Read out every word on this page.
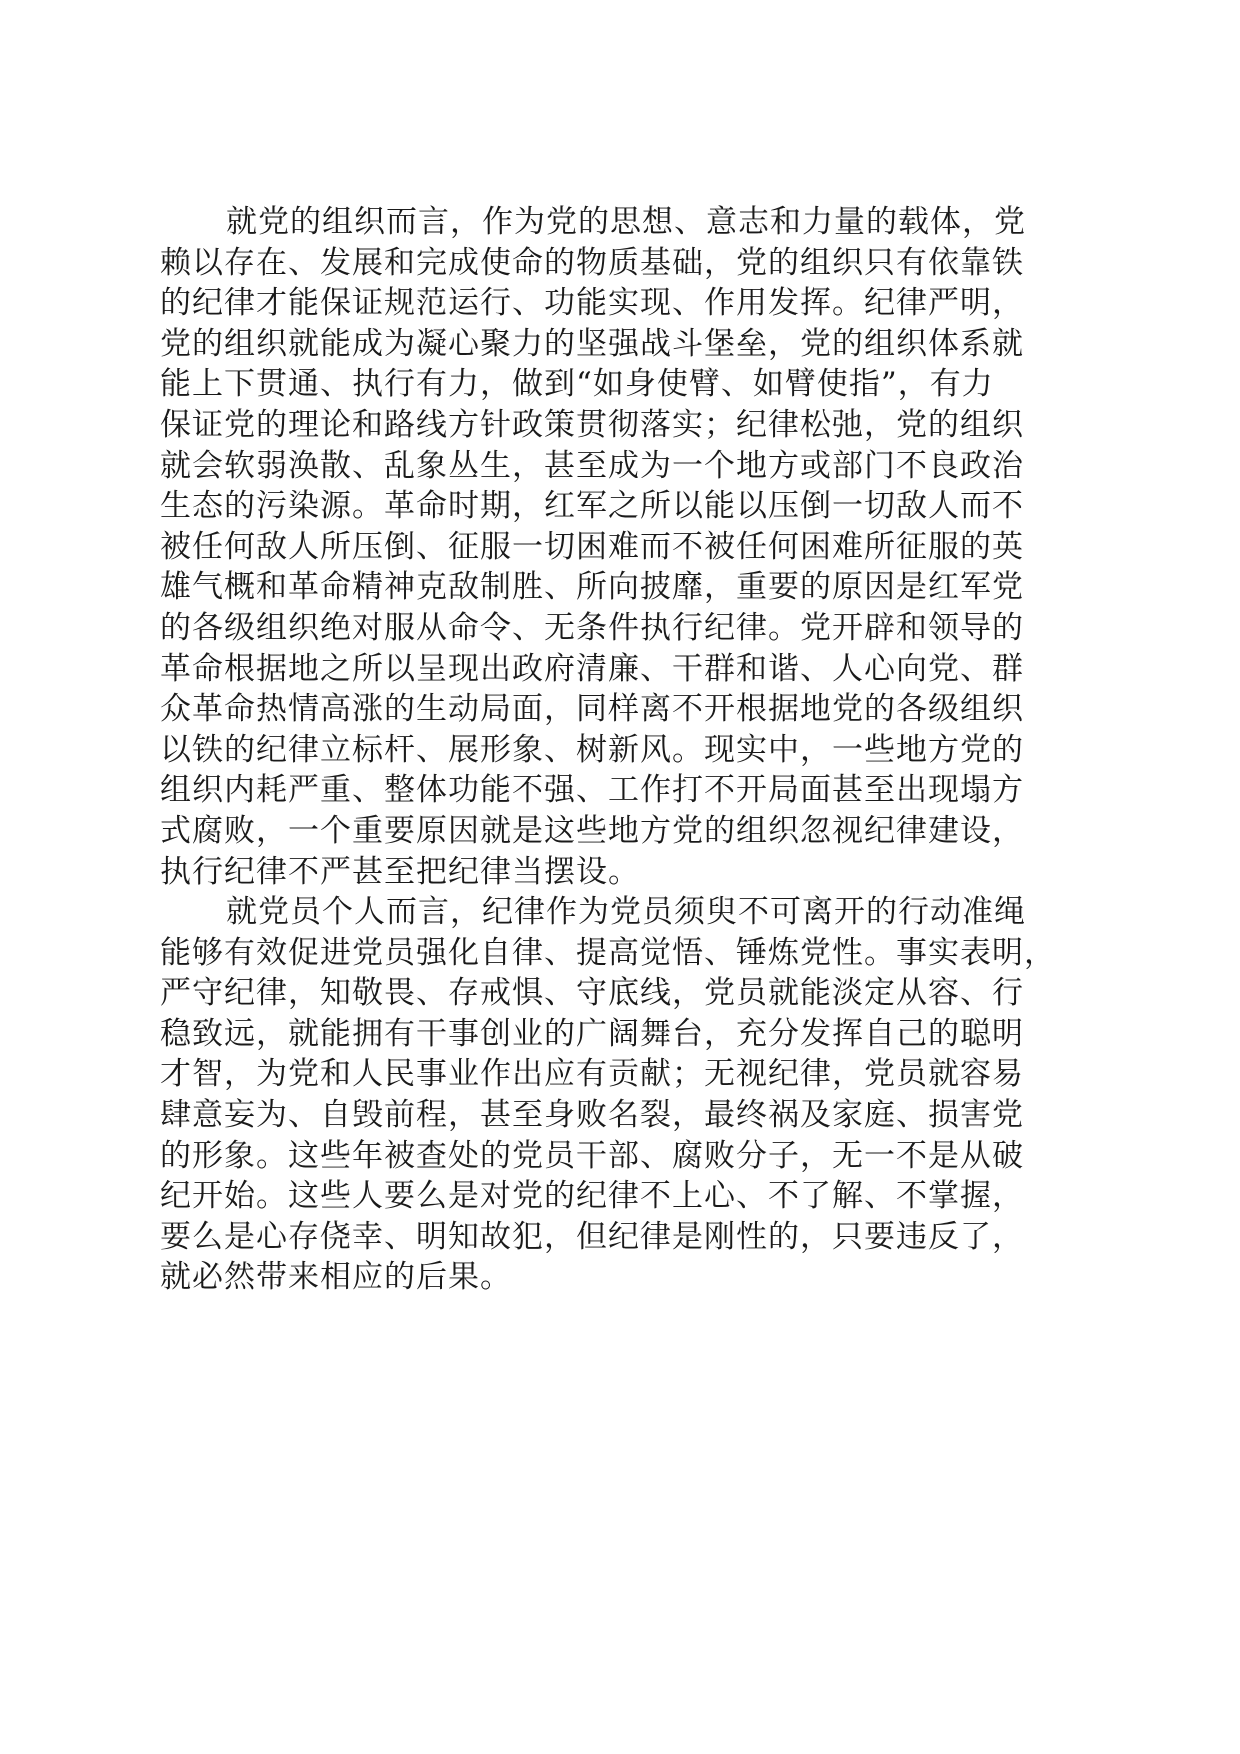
就党的组织而言，作为党的思想、意志和力量的载体，党
赖以存在、发展和完成使命的物质基础，党的组织只有依靠铁
的纪律才能保证规范运行、功能实现、作用发挥。纪律严明，
党的组织就能成为凝心聚力的坚强战斗堡垒，党的组织体系就
能上下贯通、执行有力，做到“如身使臂、如臂使指”，有力
保证党的理论和路线方针政策贯彻落实；纪律松弛，党的组织
就会软弱涣散、乱象丛生，甚至成为一个地方或部门不良政治
生态的污染源。革命时期，红军之所以能以压倒一切敌人而不
被任何敌人所压倒、征服一切困难而不被任何困难所征服的英
雄气概和革命精神克敌制胜、所向披靡，重要的原因是红军党
的各级组织绝对服从命令、无条件执行纪律。党开辟和领导的
革命根据地之所以呈现出政府清廉、干群和谐、人心向党、群
众革命热情高涨的生动局面，同样离不开根据地党的各级组织
以铁的纪律立标杆、展形象、树新风。现实中，一些地方党的
组织内耗严重、整体功能不强、工作打不开局面甚至出现塌方
式腐败，一个重要原因就是这些地方党的组织忽视纪律建设，
执行纪律不严甚至把纪律当摆设。
就党员个人而言，纪律作为党员须臾不可离开的行动准绳
能够有效促进党员强化自律、提高觉悟、锤炼党性。事实表明，
严守纪律，知敬畏、存戒惧、守底线，党员就能淡定从容、行
稳致远，就能拥有干事创业的广阔舞台，充分发挥自己的聪明
才智，为党和人民事业作出应有贡献；无视纪律，党员就容易
肆意妄为、自毁前程，甚至身败名裂，最终祸及家庭、损害党
的形象。这些年被查处的党员干部、腐败分子，无一不是从破
纪开始。这些人要么是对党的纪律不上心、不了解、不掌握，
要么是心存侥幸、明知故犯，但纪律是刚性的，只要违反了，
就必然带来相应的后果。
